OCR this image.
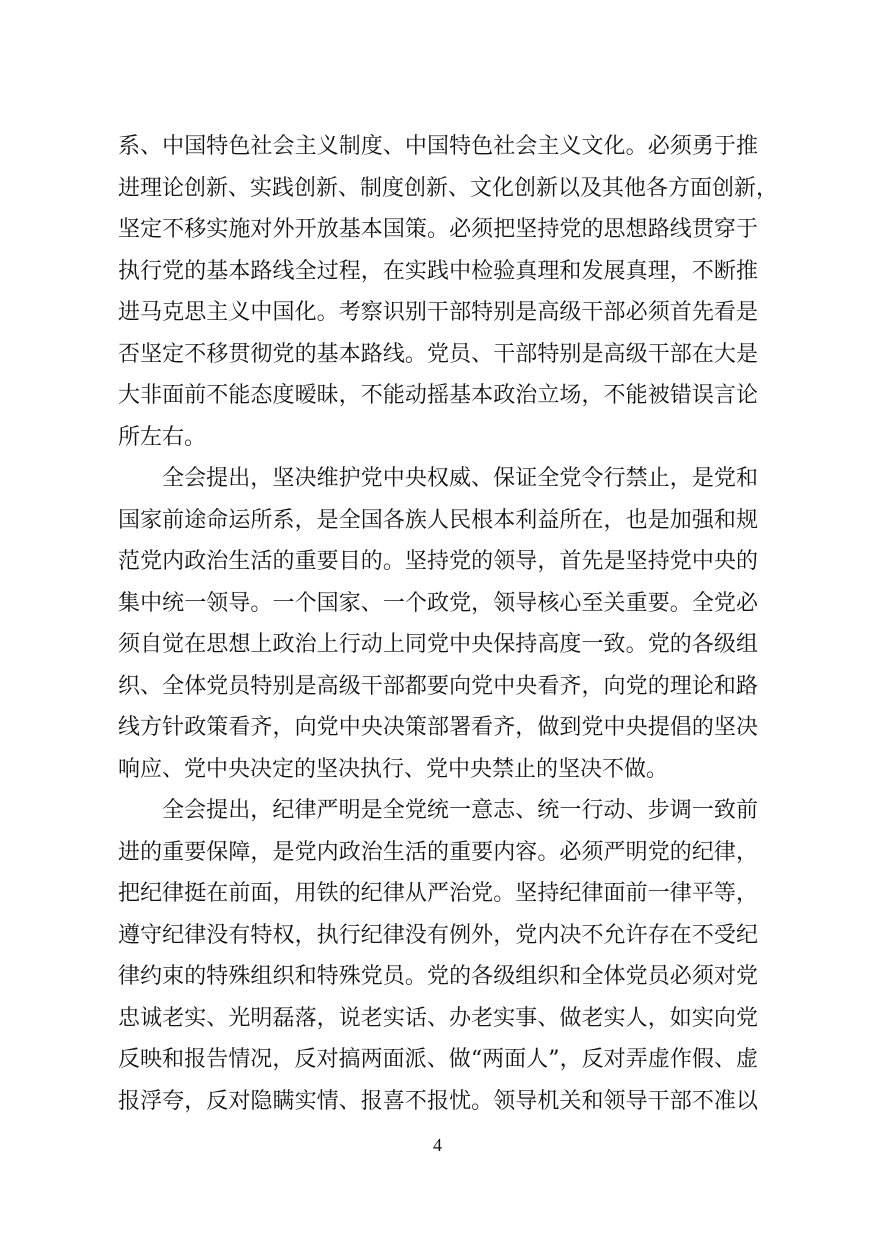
系、中国特色社会主义制度、中国特色社会主义文化。必须勇于推
进理论创新、实践创新、制度创新、文化创新以及其他各方面创新，
坚定不移实施对外开放基本国策。必须把坚持党的思想路线贯穿于
执行党的基本路线全过程，在实践中检验真理和发展真理，不断推
进马克思主义中国化。考察识别干部特别是高级干部必须首先看是
否坚定不移贯彻党的基本路线。党员、干部特别是高级干部在大是
大非面前不能态度暧昧，不能动摇基本政治立场，不能被错误言论
所左右。
全会提出，坚决维护党中央权威、保证全党令行禁止，是党和
国家前途命运所系，是全国各族人民根本利益所在，也是加强和规
范党内政治生活的重要目的。坚持党的领导，首先是坚持党中央的
集中统一领导。一个国家、一个政党，领导核心至关重要。全党必
须自觉在思想上政治上行动上同党中央保持高度一致。党的各级组
织、全体党员特别是高级干部都要向党中央看齐，向党的理论和路
线方针政策看齐，向党中央决策部署看齐，做到党中央提倡的坚决
响应、党中央决定的坚决执行、党中央禁止的坚决不做。
全会提出，纪律严明是全党统一意志、统一行动、步调一致前
进的重要保障，是党内政治生活的重要内容。必须严明党的纪律，
把纪律挺在前面，用铁的纪律从严治党。坚持纪律面前一律平等，
遵守纪律没有特权，执行纪律没有例外，党内决不允许存在不受纪
律约束的特殊组织和特殊党员。党的各级组织和全体党员必须对党
忠诚老实、光明磊落，说老实话、办老实事、做老实人，如实向党
反映和报告情况，反对搞两面派、做“两面人”，反对弄虚作假、虚
报浮夸，反对隐瞒实情、报喜不报忧。领导机关和领导干部不准以
4
